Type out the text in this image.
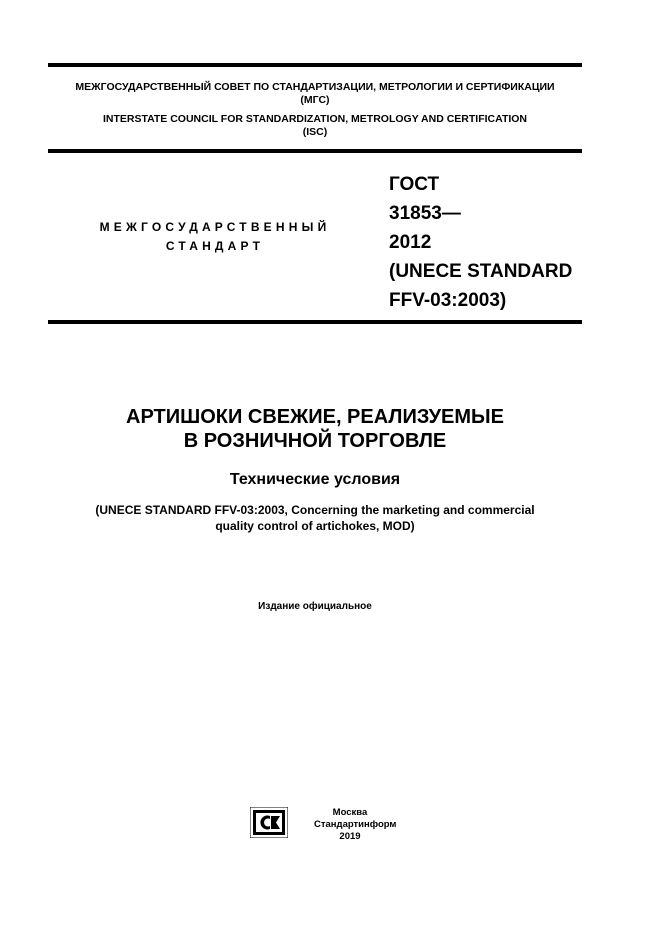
МЕЖГОСУДАРСТВЕННЫЙ СОВЕТ ПО СТАНДАРТИЗАЦИИ, МЕТРОЛОГИИ И СЕРТИФИКАЦИИ
(МГС)
INTERSTATE COUNCIL FOR STANDARDIZATION, METROLOGY AND CERTIFICATION
(ISC)
МЕЖГОСУДАРСТВЕННЫЙ
СТАНДАРТ
ГОСТ
31853—
2012
(UNECE STANDARD
FFV-03:2003)
АРТИШОКИ СВЕЖИЕ, РЕАЛИЗУЕМЫЕ
В РОЗНИЧНОЙ ТОРГОВЛЕ
Технические условия
(UNECE STANDARD FFV-03:2003, Concerning the marketing and commercial
quality control of artichokes, MOD)
Издание официальное
Москва
Стандартинформ
2019
